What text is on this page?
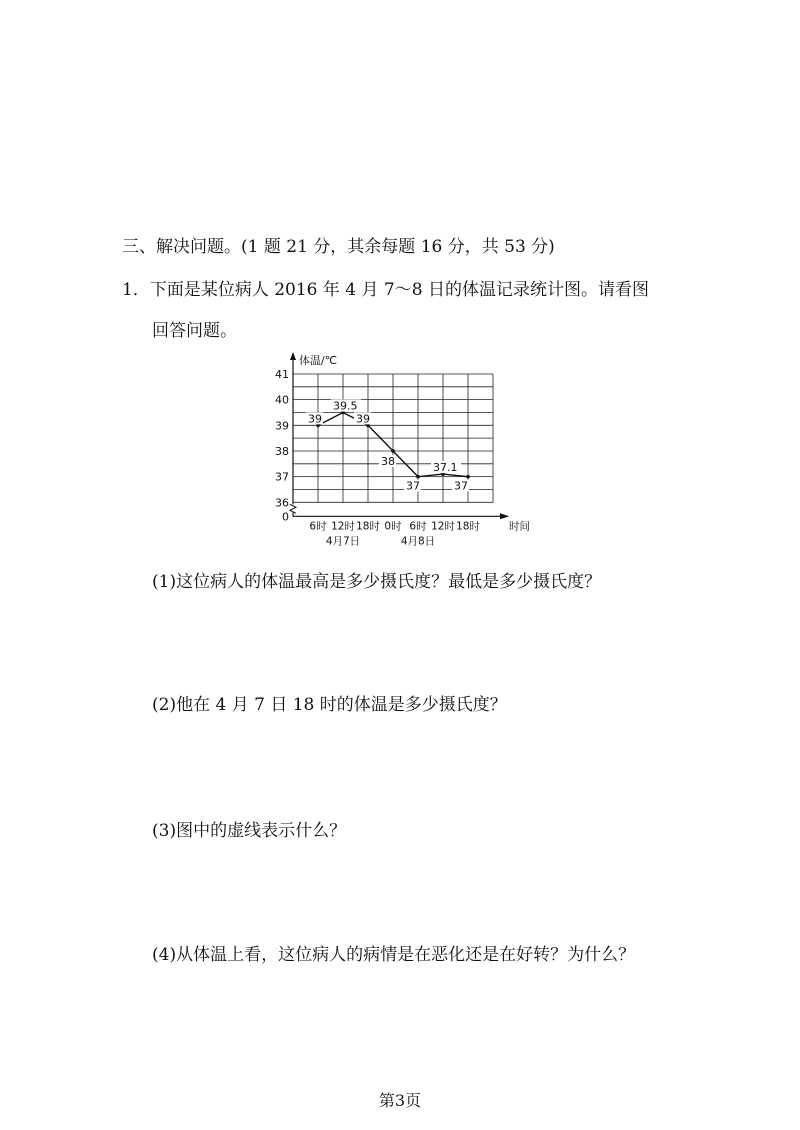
三、解决问题。(1 题 21 分，其余每题 16 分，共 53 分)
1．下面是某位病人 2016 年 4 月 7～8 日的体温记录统计图。请看图
回答问题。
体温/℃
0
36
37
38
39
40
41
6时 12时 18时 0时 6时 12时 18时	时间
4月7日	4月8日
39
39.5
39
38
37
37.1
37
(1)这位病人的体温最高是多少摄氏度？最低是多少摄氏度？
(2)他在 4 月 7 日 18 时的体温是多少摄氏度？
(3)图中的虚线表示什么？
(4)从体温上看，这位病人的病情是在恶化还是在好转？为什么？
第3页
